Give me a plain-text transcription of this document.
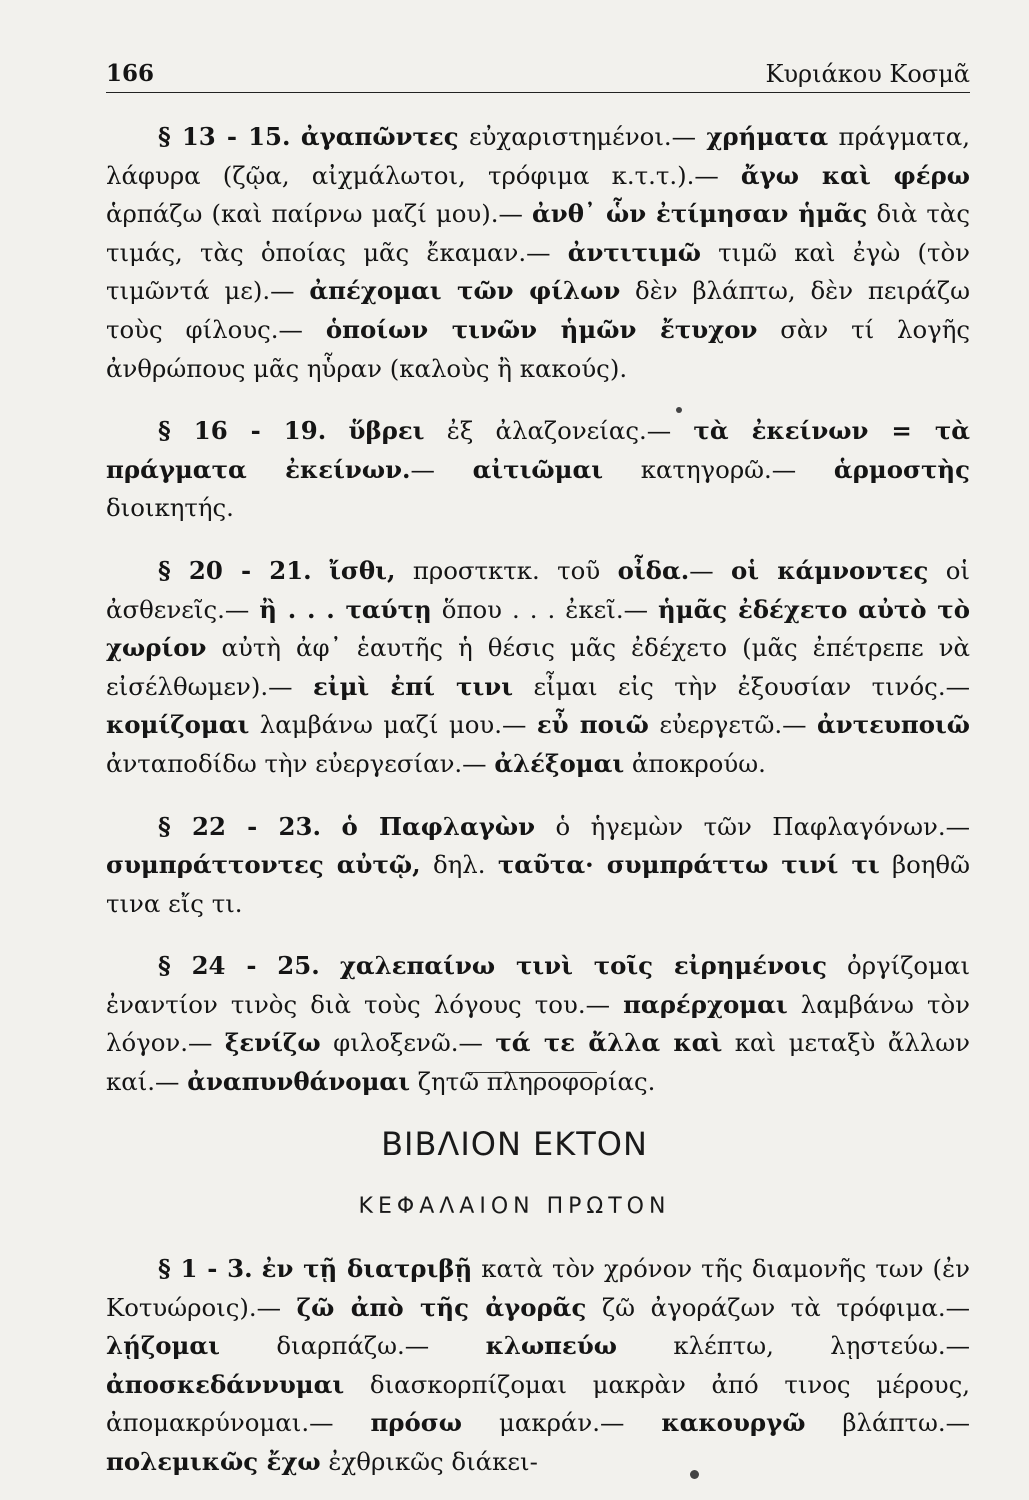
166	Κυριάκου Κοσμᾶ

§ 13 - 15. ἀγαπῶντες εὐχαριστημένοι.— χρήματα πράγματα, λάφυρα (ζῷα, αἰχμάλωτοι, τρόφιμα κ.τ.τ.).— ἄγω καὶ φέρω ἁρπάζω (καὶ παίρνω μαζί μου).— ἀνθ᾽ ὧν ἐτίμησαν ἡμᾶς διὰ τὰς τιμάς, τὰς ὁποίας μᾶς ἔκαμαν.— ἀντιτιμῶ τιμῶ καὶ ἐγὼ (τὸν τιμῶντά με).— ἀπέχομαι τῶν φίλων δὲν βλάπτω, δὲν πειράζω τοὺς φίλους.— ὁποίων τινῶν ἡμῶν ἔτυχον σὰν τί λογῆς ἀνθρώπους μᾶς ηὗραν (καλοὺς ἢ κακούς).

§ 16 - 19. ὕβρει ἐξ ἀλαζονείας.— τὰ ἐκείνων = τὰ πράγματα ἐκείνων.— αἰτιῶμαι κατηγορῶ.— ἁρμοστὴς διοικητής.

§ 20 - 21. ἴσθι, προστκτκ. τοῦ οἶδα.— οἱ κάμνοντες οἱ ἀσθενεῖς.— ἢ . . . ταύτῃ ὅπου . . . ἐκεῖ.— ἡμᾶς ἐδέχετο αὐτὸ τὸ χωρίον αὐτὴ ἀφ᾽ ἑαυτῆς ἡ θέσις μᾶς ἐδέχετο (μᾶς ἐπέτρεπε νὰ εἰσέλθωμεν).— εἰμὶ ἐπί τινι εἶμαι εἰς τὴν ἐξουσίαν τινός.— κομίζομαι λαμβάνω μαζί μου.— εὖ ποιῶ εὐεργετῶ.— ἀντευποιῶ ἀνταποδίδω τὴν εὐεργεσίαν.— ἀλέξομαι ἀποκρούω.

§ 22 - 23. ὁ Παφλαγὼν ὁ ἡγεμὼν τῶν Παφλαγόνων.— συμπράττοντες αὐτῷ, δηλ. ταῦτα· συμπράττω τινί τι βοηθῶ τινα εἴς τι.

§ 24 - 25. χαλεπαίνω τινὶ τοῖς εἰρημένοις ὀργίζομαι ἐναντίον τινὸς διὰ τοὺς λόγους του.— παρέρχομαι λαμβάνω τὸν λόγον.— ξενίζω φιλοξενῶ.— τά τε ἄλλα καὶ καὶ μεταξὺ ἄλλων καί.— ἀναπυνθάνομαι ζητῶ πληροφορίας.

ΒΙΒΛΙΟΝ ΕΚΤΟΝ
ΚΕΦΑΛΑΙΟΝ ΠΡΩΤΟΝ

§ 1 - 3. ἐν τῇ διατριβῇ κατὰ τὸν χρόνον τῆς διαμονῆς των (ἐν Κοτυώροις).— ζῶ ἀπὸ τῆς ἀγορᾶς ζῶ ἀγοράζων τὰ τρόφιμα.— λῄζομαι διαρπάζω.— κλωπεύω κλέπτω, λῃστεύω.— ἀποσκεδάννυμαι διασκορπίζομαι μακρὰν ἀπό τινος μέρους, ἀπομακρύνομαι.— πρόσω μακράν.— κακουργῶ βλάπτω.— πολεμικῶς ἔχω ἐχθρικῶς διάκει-
